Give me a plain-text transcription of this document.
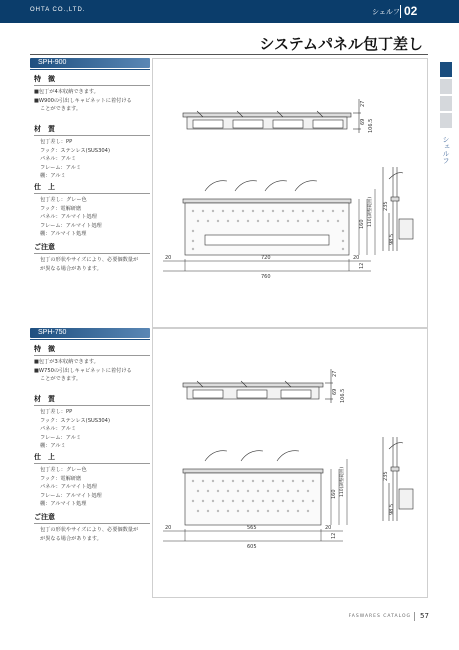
OHTA CO.,LTD.	シェルフ 02
システムパネル包丁差し
シェルフ
SPH-900
特　徴
■包丁が4本収納できます。
■W900の引出しキャビネットに着付ける
ことができます。
材　質
包丁差し：PP
フック：ステンレス(SUS304)
パネル：アルミ
フレーム：アルミ
棚：アルミ
仕　上
包丁差し：グレー色
フック：電解研磨
パネル：アルマイト処理
フレーム：アルマイト処理
棚：アルマイト処理
ご注意
包丁の形状やサイズにより、必要個数量が
が異なる場合があります。
27
69 106.5
20	720	20
760
160 110(調整範囲)
12
235
98.5
SPH-750
特　徴
■包丁が3本収納できます。
■W750の引出しキャビネットに着付ける
ことができます。
材　質
包丁差し：PP
フック：ステンレス(SUS304)
パネル：アルミ
フレーム：アルミ
棚：アルミ
仕　上
包丁差し：グレー色
フック：電解研磨
パネル：アルマイト処理
フレーム：アルマイト処理
棚：アルマイト処理
ご注意
包丁の形状やサイズにより、必要個数量が
が異なる場合があります。
27
69 106.5
20	565	20
605
160 110(調整範囲)
12
235
98.5
FASWARES CATALOG 57
